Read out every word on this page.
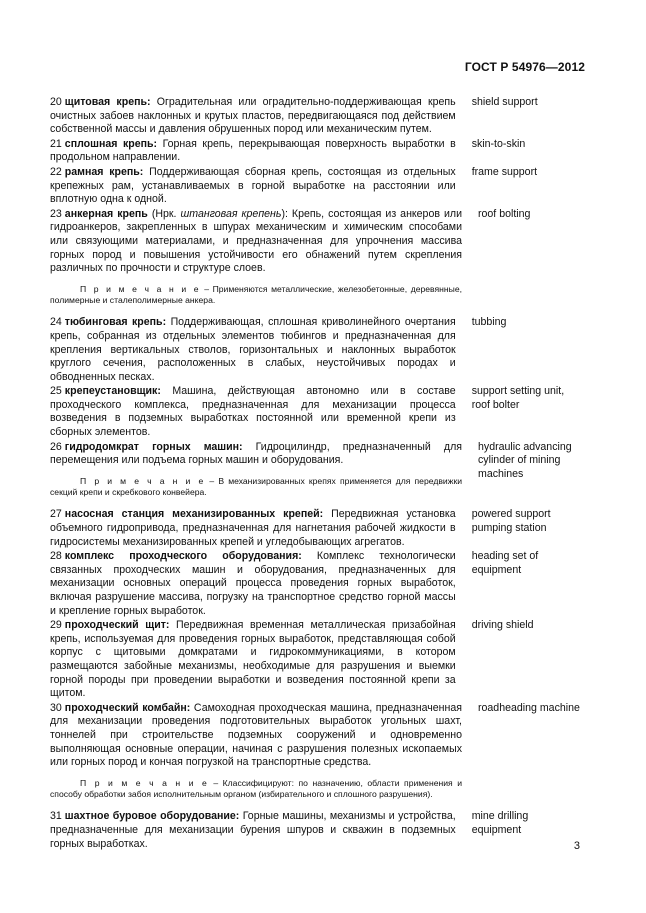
ГОСТ Р 54976—2012
20 щитовая крепь: Оградительная или оградительно-поддерживающая крепь очистных забоев наклонных и крутых пластов, передвигающаяся под действием собственной массы и давления обрушенных пород или механическим путем.
shield support
21 сплошная крепь: Горная крепь, перекрывающая поверхность выработки в продольном направлении.
skin-to-skin
22 рамная крепь: Поддерживающая сборная крепь, состоящая из отдельных крепежных рам, устанавливаемых в горной выработке на расстоянии или вплотную одна к одной.
frame support
23 анкерная крепь (Нрк. штанговая крепень): Крепь, состоящая из анкеров или гидроанкеров, закрепленных в шпурах механическим и химическим способами или связующими материалами, и предназначенная для упрочнения массива горных пород и повышения устойчивости его обнажений путем скрепления различных по прочности и структуре слоев.
П р и м е ч а н и е – Применяются металлические, железобетонные, деревянные, полимерные и сталеполимерные анкера.
roof bolting
24 тюбинговая крепь: Поддерживающая, сплошная криволинейного очертания крепь, собранная из отдельных элементов тюбингов и предназначенная для крепления вертикальных стволов, горизонтальных и наклонных выработок круглого сечения, расположенных в слабых, неустойчивых породах и обводненных песках.
tubbing
25 крепеустановщик: Машина, действующая автономно или в составе проходческого комплекса, предназначенная для механизации процесса возведения в подземных выработках постоянной или временной крепи из сборных элементов.
support setting unit, roof bolter
26 гидродомкрат горных машин: Гидроцилиндр, предназначенный для перемещения или подъема горных машин и оборудования.
П р и м е ч а н и е – В механизированных крепях применяется для передвижки секций крепи и скребкового конвейера.
hydraulic advancing cylinder of mining machines
27 насосная станция механизированных крепей: Передвижная установка объемного гидропривода, предназначенная для нагнетания рабочей жидкости в гидросистемы механизированных крепей и угледобывающих агрегатов.
powered support pumping station
28 комплекс проходческого оборудования: Комплекс технологически связанных проходческих машин и оборудования, предназначенных для механизации основных операций процесса проведения горных выработок, включая разрушение массива, погрузку на транспортное средство горной массы и крепление горных выработок.
heading set of equipment
29 проходческий щит: Передвижная временная металлическая призабойная крепь, используемая для проведения горных выработок, представляющая собой корпус с щитовыми домкратами и гидрокоммуникациями, в котором размещаются забойные механизмы, необходимые для разрушения и выемки горной породы при проведении выработки и возведения постоянной крепи за щитом.
driving shield
30 проходческий комбайн: Самоходная проходческая машина, предназначенная для механизации проведения подготовительных выработок угольных шахт, тоннелей при строительстве подземных сооружений и одновременно выполняющая основные операции, начиная с разрушения полезных ископаемых или горных пород и кончая погрузкой на транспортные средства.
П р и м е ч а н и е – Классифицируют: по назначению, области применения и способу обработки забоя исполнительным органом (избирательного и сплошного разрушения).
roadheading machine
31 шахтное буровое оборудование: Горные машины, механизмы и устройства, предназначенные для механизации бурения шпуров и скважин в подземных горных выработках.
mine drilling equipment
3
